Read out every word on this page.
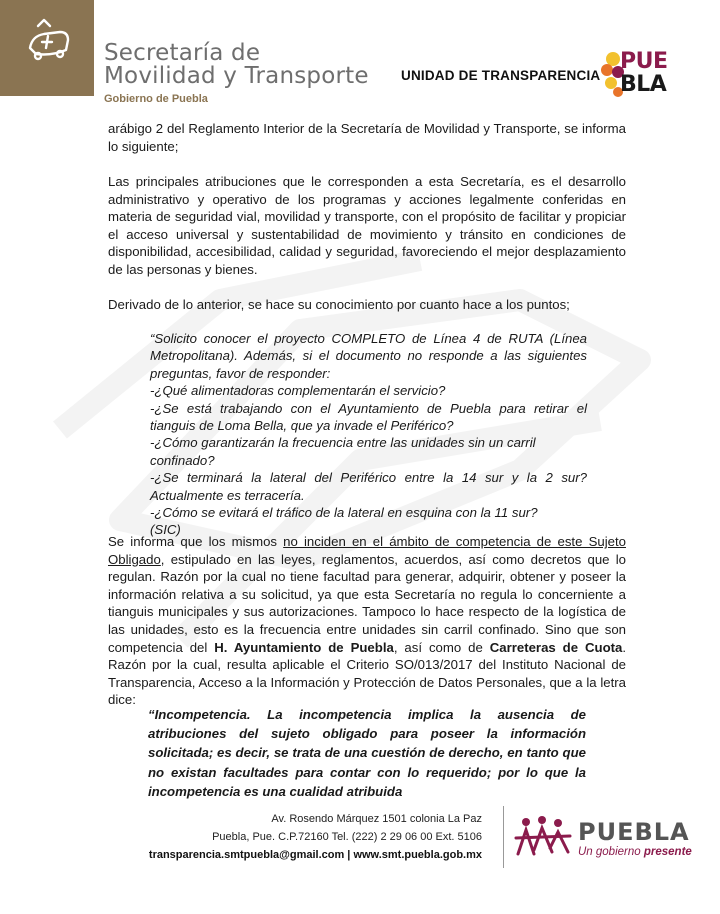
Secretaría de
Movilidad y Transporte
Gobierno de Puebla
UNIDAD DE TRANSPARENCIA
PUE
BLA

arábigo 2 del Reglamento Interior de la Secretaría de Movilidad y Transporte, se informa lo siguiente;

Las principales atribuciones que le corresponden a esta Secretaría, es el desarrollo administrativo y operativo de los programas y acciones legalmente conferidas en materia de seguridad vial, movilidad y transporte, con el propósito de facilitar y propiciar el acceso universal y sustentabilidad de movimiento y tránsito en condiciones de disponibilidad, accesibilidad, calidad y seguridad, favoreciendo el mejor desplazamiento de las personas y bienes.

Derivado de lo anterior, se hace su conocimiento por cuanto hace a los puntos;

“Solicito conocer el proyecto COMPLETO de Línea 4 de RUTA (Línea Metropolitana). Además, si el documento no responde a las siguientes preguntas, favor de responder:
-¿Qué alimentadoras complementarán el servicio?
-¿Se está trabajando con el Ayuntamiento de Puebla para retirar el tianguis de Loma Bella, que ya invade el Periférico?
-¿Cómo garantizarán la frecuencia entre las unidades sin un carril confinado?
-¿Se terminará la lateral del Periférico entre la 14 sur y la 2 sur? Actualmente es terracería.
-¿Cómo se evitará el tráfico de la lateral en esquina con la 11 sur?
(SIC)

Se informa que los mismos no inciden en el ámbito de competencia de este Sujeto Obligado, estipulado en las leyes, reglamentos, acuerdos, así como decretos que lo regulan. Razón por la cual no tiene facultad para generar, adquirir, obtener y poseer la información relativa a su solicitud, ya que esta Secretaría no regula lo concerniente a tianguis municipales y sus autorizaciones. Tampoco lo hace respecto de la logística de las unidades, esto es la frecuencia entre unidades sin carril confinado. Sino que son competencia del H. Ayuntamiento de Puebla, así como de Carreteras de Cuota. Razón por la cual, resulta aplicable el Criterio SO/013/2017 del Instituto Nacional de Transparencia, Acceso a la Información y Protección de Datos Personales, que a la letra dice:

“Incompetencia. La incompetencia implica la ausencia de atribuciones del sujeto obligado para poseer la información solicitada; es decir, se trata de una cuestión de derecho, en tanto que no existan facultades para contar con lo requerido; por lo que la incompetencia es una cualidad atribuida
Av. Rosendo Márquez 1501 colonia La Paz
Puebla, Pue. C.P.72160 Tel. (222) 2 29 06 00 Ext. 5106
transparencia.smtpuebla@gmail.com | www.smt.puebla.gob.mx
PUEBLA
Un gobierno presente
